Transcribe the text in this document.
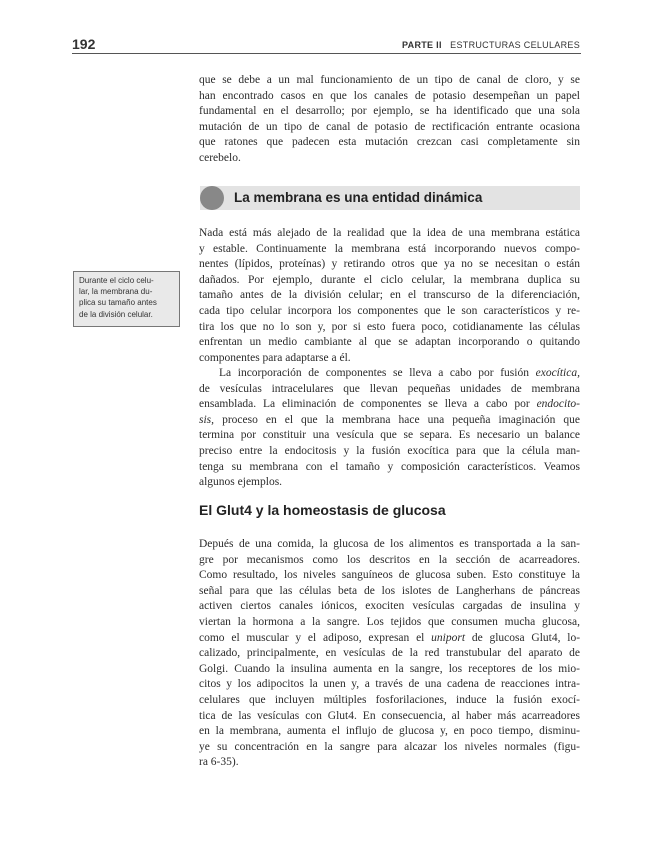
192	PARTE II ESTRUCTURAS CELULARES
que se debe a un mal funcionamiento de un tipo de canal de cloro, y se
han encontrado casos en que los canales de potasio desempeñan un papel
fundamental en el desarrollo; por ejemplo, se ha identificado que una sola
mutación de un tipo de canal de potasio de rectificación entrante ocasiona
que ratones que padecen esta mutación crezcan casi completamente sin
cerebelo.
La membrana es una entidad dinámica
Durante el ciclo celu-
lar, la membrana du-
plica su tamaño antes
de la división celular.
Nada está más alejado de la realidad que la idea de una membrana estática
y estable. Continuamente la membrana está incorporando nuevos compo-
nentes (lípidos, proteínas) y retirando otros que ya no se necesitan o están
dañados. Por ejemplo, durante el ciclo celular, la membrana duplica su
tamaño antes de la división celular; en el transcurso de la diferenciación,
cada tipo celular incorpora los componentes que le son característicos y re-
tira los que no lo son y, por si esto fuera poco, cotidianamente las células
enfrentan un medio cambiante al que se adaptan incorporando o quitando
componentes para adaptarse a él.
La incorporación de componentes se lleva a cabo por fusión exocítica,
de vesículas intracelulares que llevan pequeñas unidades de membrana
ensamblada. La eliminación de componentes se lleva a cabo por endocito-
sis, proceso en el que la membrana hace una pequeña imaginación que
termina por constituir una vesícula que se separa. Es necesario un balance
preciso entre la endocitosis y la fusión exocítica para que la célula man-
tenga su membrana con el tamaño y composición característicos. Veamos
algunos ejemplos.
El Glut4 y la homeostasis de glucosa
Depués de una comida, la glucosa de los alimentos es transportada a la san-
gre por mecanismos como los descritos en la sección de acarreadores.
Como resultado, los niveles sanguíneos de glucosa suben. Esto constituye la
señal para que las células beta de los islotes de Langherhans de páncreas
activen ciertos canales iónicos, exociten vesículas cargadas de insulina y
viertan la hormona a la sangre. Los tejidos que consumen mucha glucosa,
como el muscular y el adiposo, expresan el uniport de glucosa Glut4, lo-
calizado, principalmente, en vesículas de la red transtubular del aparato de
Golgi. Cuando la insulina aumenta en la sangre, los receptores de los mio-
citos y los adipocitos la unen y, a través de una cadena de reacciones intra-
celulares que incluyen múltiples fosforilaciones, induce la fusión exocí-
tica de las vesículas con Glut4. En consecuencia, al haber más acarreadores
en la membrana, aumenta el influjo de glucosa y, en poco tiempo, disminu-
ye su concentración en la sangre para alcazar los niveles normales (figu-
ra 6-35).
